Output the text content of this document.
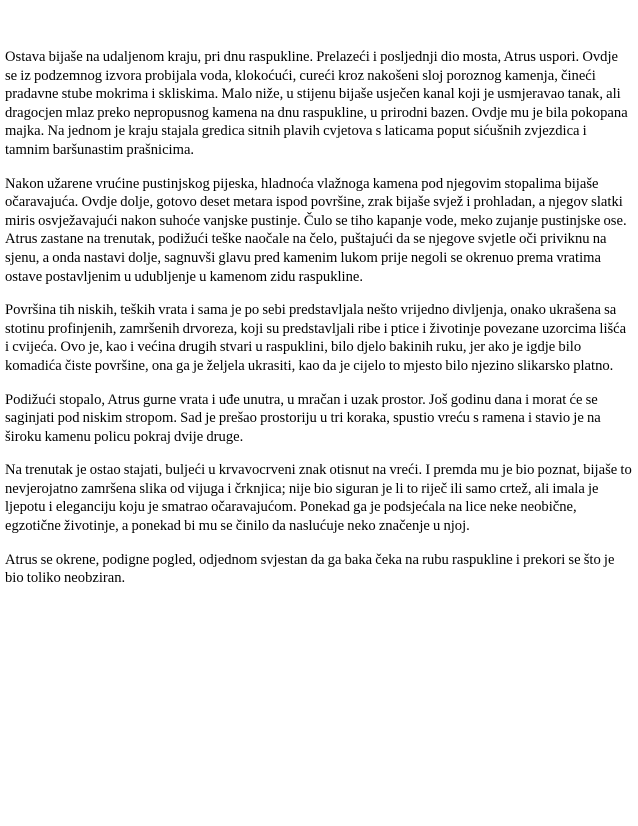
Ostava bijaše na udaljenom kraju, pri dnu raspukline. Prelazeći i posljednji dio mosta, Atrus uspori. Ovdje se iz podzemnog izvora probijala voda, klokoćući, cureći kroz nakošeni sloj poroznog kamenja, čineći pradavne stube mokrima i skliskima. Malo niže, u stijenu bijaše usječen kanal koji je usmjeravao tanak, ali dragocjen mlaz preko nepropusnog kamena na dnu raspukline, u prirodni bazen. Ovdje mu je bila pokopana majka. Na jednom je kraju stajala gredica sitnih plavih cvjetova s laticama poput sićušnih zvjezdica i tamnim baršunastim prašnicima.

Nakon užarene vrućine pustinjskog pijeska, hladnoća vlažnoga kamena pod njegovim stopalima bijaše očaravajuća. Ovdje dolje, gotovo deset metara ispod površine, zrak bijaše svjež i prohladan, a njegov slatki miris osvježavajući nakon suhoće vanjske pustinje. Čulo se tiho kapanje vode, meko zujanje pustinjske ose. Atrus zastane na trenutak, podižući teške naočale na čelo, puštajući da se njegove svjetle oči priviknu na sjenu, a onda nastavi dolje, sagnuvši glavu pred kamenim lukom prije negoli se okrenuo prema vratima ostave postavljenim u udubljenje u kamenom zidu raspukline.

Površina tih niskih, teških vrata i sama je po sebi predstavljala nešto vrijedno divljenja, onako ukrašena sa stotinu profinjenih, zamršenih drvoreza, koji su predstavljali ribe i ptice i životinje povezane uzorcima lišća i cvijeća. Ovo je, kao i većina drugih stvari u raspuklini, bilo djelo bakinih ruku, jer ako je igdje bilo komadića čiste površine, ona ga je željela ukrasiti, kao da je cijelo to mjesto bilo njezino slikarsko platno.

Podižući stopalo, Atrus gurne vrata i uđe unutra, u mračan i uzak prostor. Još godinu dana i morat će se saginjati pod niskim stropom. Sad je prešao prostoriju u tri koraka, spustio vreću s ramena i stavio je na široku kamenu policu pokraj dvije druge.

Na trenutak je ostao stajati, buljeći u krvavocrveni znak otisnut na vreći. I premda mu je bio poznat, bijaše to nevjerojatno zamršena slika od vijuga i črknjica; nije bio siguran je li to riječ ili samo crtež, ali imala je ljepotu i eleganciju koju je smatrao očaravajućom. Ponekad ga je podsjećala na lice neke neobične, egzotične životinje, a ponekad bi mu se činilo da naslućuje neko značenje u njoj.

Atrus se okrene, podigne pogled, odjednom svjestan da ga baka čeka na rubu raspukline i prekori se što je bio toliko neobziran.
